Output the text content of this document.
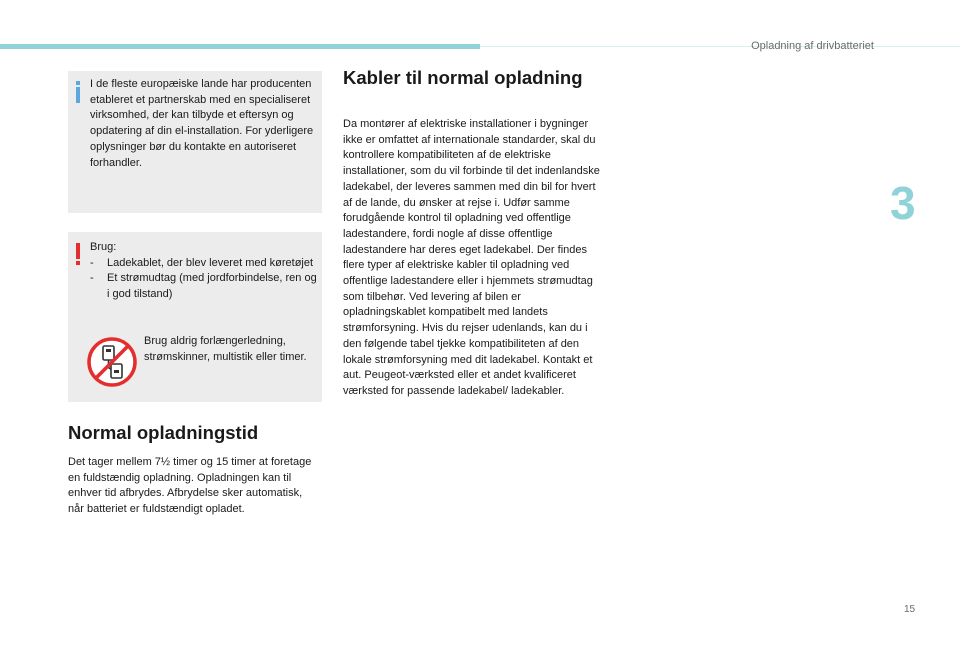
Opladning af drivbatteriet
3
I de fleste europæiske lande har producenten etableret et partnerskab med en specialiseret virksomhed, der kan tilbyde et eftersyn og opdatering af din el-installation. For yderligere oplysninger bør du kontakte en autoriseret forhandler.

Brug:

-	Ladekablet, der blev leveret med køretøjet
-	Et strømudtag (med jordforbindelse, ren og i god tilstand)
Brug aldrig forlængerledning, strømskinner, multistik eller timer.
Normal opladningstid

Det tager mellem 7½ timer og 15 timer at foretage en fuldstændig opladning. Opladningen kan til enhver tid afbrydes. Afbrydelse sker automatisk, når batteriet er fuldstændigt opladet.

Kabler til normal opladning

Da montører af elektriske installationer i bygninger ikke er omfattet af internationale standarder, skal du kontrollere kompatibiliteten af de elektriske installationer, som du vil forbinde til det indenlandske ladekabel, der leveres sammen med din bil for hvert af de lande, du ønsker at rejse i. Udfør samme forudgående kontrol til opladning ved offentlige ladestandere, fordi nogle af disse offentlige ladestandere har deres eget ladekabel. Der findes flere typer af elektriske kabler til opladning ved offentlige ladestandere eller i hjemmets strømudtag som tilbehør. Ved levering af bilen er opladningskablet kompatibelt med landets strømforsyning. Hvis du rejser udenlands, kan du i den følgende tabel tjekke kompatibiliteten af den lokale strømforsyning med dit ladekabel. Kontakt et aut. Peugeot-værksted eller et andet kvalificeret værksted for passende ladekabel/ ladekabler.

15
